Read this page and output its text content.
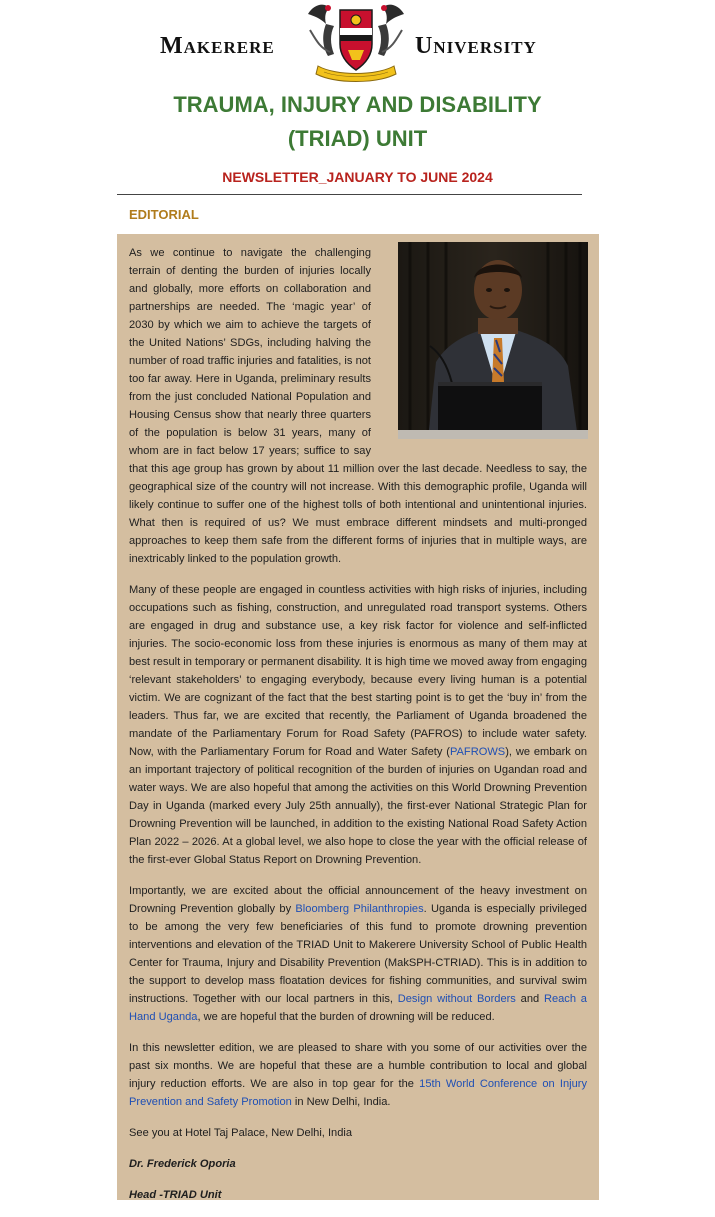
Makerere	University
TRAUMA, INJURY AND DISABILITY
(TRIAD) UNIT
NEWSLETTER_JANUARY TO JUNE 2024
EDITORIAL

As we continue to navigate the challenging terrain of denting the burden of injuries locally and globally, more efforts on collaboration and partnerships are needed. The ‘magic year’ of 2030 by which we aim to achieve the targets of the United Nations’ SDGs, including halving the number of road traffic injuries and fatalities, is not too far away. Here in Uganda, preliminary results from the just concluded National Population and Housing Census show that nearly three quarters of the population is below 31 years, many of whom are in fact below 17 years; suffice to say that this age group has grown by about 11 million over the last decade. Needless to say, the geographical size of the country will not increase. With this demographic profile, Uganda will likely continue to suffer one of the highest tolls of both intentional and unintentional injuries. What then is required of us? We must embrace different mindsets and multi-pronged approaches to keep them safe from the different forms of injuries that in multiple ways, are inextricably linked to the population growth.

Many of these people are engaged in countless activities with high risks of injuries, including occupations such as fishing, construction, and unregulated road transport systems. Others are engaged in drug and substance use, a key risk factor for violence and self-inflicted injuries. The socio-economic loss from these injuries is enormous as many of them may at best result in temporary or permanent disability. It is high time we moved away from engaging ‘relevant stakeholders’ to engaging everybody, because every living human is a potential victim. We are cognizant of the fact that the best starting point is to get the ‘buy in’ from the leaders. Thus far, we are excited that recently, the Parliament of Uganda broadened the mandate of the Parliamentary Forum for Road Safety (PAFROS) to include water safety. Now, with the Parliamentary Forum for Road and Water Safety (PAFROWS), we embark on an important trajectory of political recognition of the burden of injuries on Ugandan road and water ways. We are also hopeful that among the activities on this World Drowning Prevention Day in Uganda (marked every July 25th annually), the first-ever National Strategic Plan for Drowning Prevention will be launched, in addition to the existing National Road Safety Action Plan 2022 – 2026. At a global level, we also hope to close the year with the official release of the first-ever Global Status Report on Drowning Prevention.

Importantly, we are excited about the official announcement of the heavy investment on Drowning Prevention globally by Bloomberg Philanthropies. Uganda is especially privileged to be among the very few beneficiaries of this fund to promote drowning prevention interventions and elevation of the TRIAD Unit to Makerere University School of Public Health Center for Trauma, Injury and Disability Prevention (MakSPH-CTRIAD). This is in addition to the support to develop mass floatation devices for fishing communities, and survival swim instructions. Together with our local partners in this, Design without Borders and Reach a Hand Uganda, we are hopeful that the burden of drowning will be reduced.

In this newsletter edition, we are pleased to share with you some of our activities over the past six months. We are hopeful that these are a humble contribution to local and global injury reduction efforts. We are also in top gear for the 15th World Conference on Injury Prevention and Safety Promotion in New Delhi, India.

See you at Hotel Taj Palace, New Delhi, India

Dr. Frederick Oporia

Head -TRIAD Unit
